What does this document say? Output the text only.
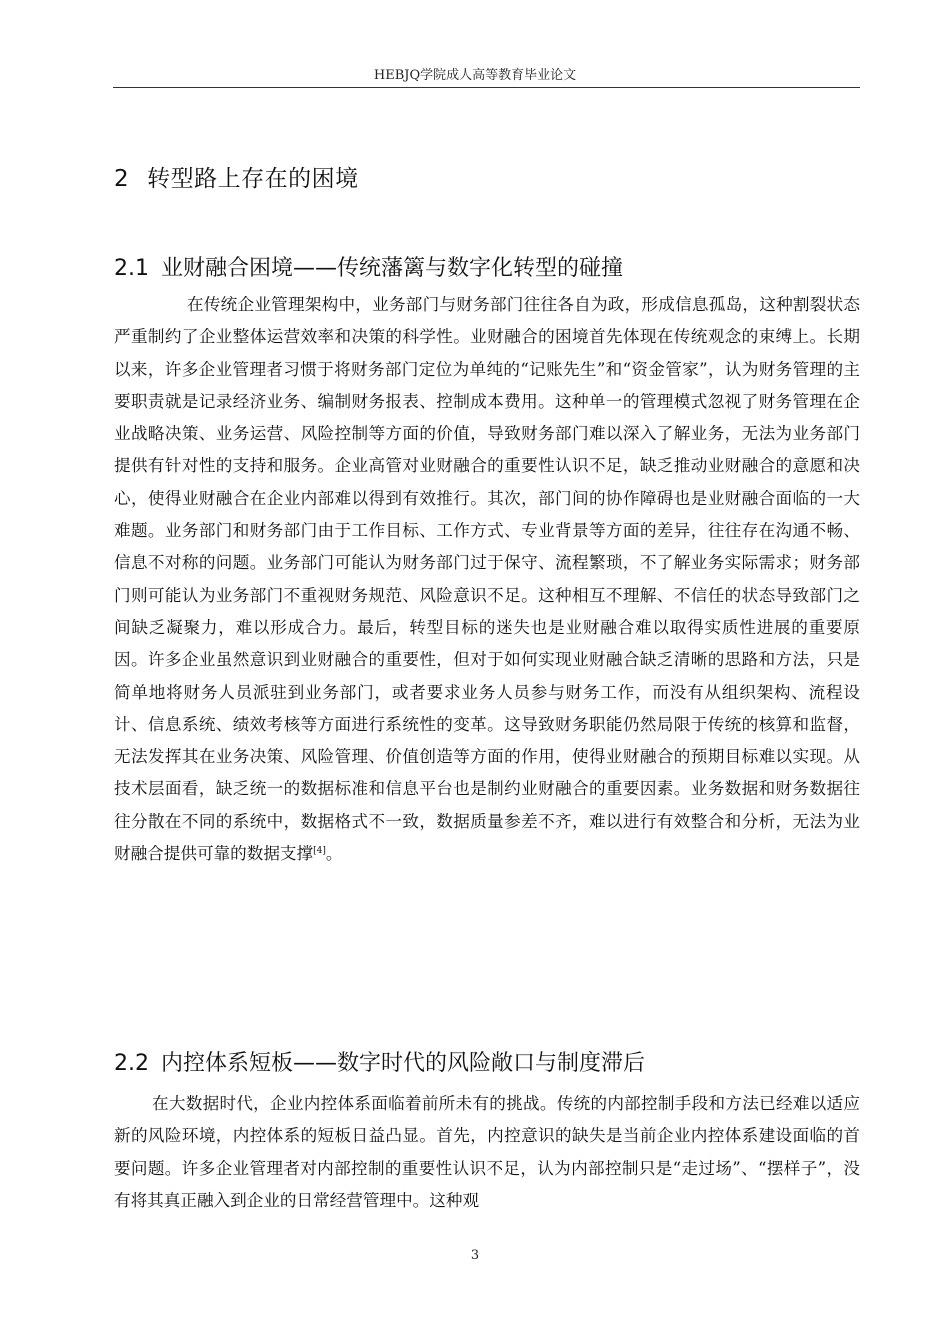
HEBJQ学院成人高等教育毕业论文
2 转型路上存在的困境
2.1 业财融合困境——传统藩篱与数字化转型的碰撞

在传统企业管理架构中，业务部门与财务部门往往各自为政，形成信息孤岛，这种割裂状态严重制约了企业整体运营效率和决策的科学性。业财融合的困境首先体现在传统观念的束缚上。长期以来，许多企业管理者习惯于将财务部门定位为单纯的“记账先生”和“资金管家”，认为财务管理的主要职责就是记录经济业务、编制财务报表、控制成本费用。这种单一的管理模式忽视了财务管理在企业战略决策、业务运营、风险控制等方面的价值，导致财务部门难以深入了解业务，无法为业务部门提供有针对性的支持和服务。企业高管对业财融合的重要性认识不足，缺乏推动业财融合的意愿和决心，使得业财融合在企业内部难以得到有效推行。其次，部门间的协作障碍也是业财融合面临的一大难题。业务部门和财务部门由于工作目标、工作方式、专业背景等方面的差异，往往存在沟通不畅、信息不对称的问题。业务部门可能认为财务部门过于保守、流程繁琐，不了解业务实际需求；财务部门则可能认为业务部门不重视财务规范、风险意识不足。这种相互不理解、不信任的状态导致部门之间缺乏凝聚力，难以形成合力。最后，转型目标的迷失也是业财融合难以取得实质性进展的重要原因。许多企业虽然意识到业财融合的重要性，但对于如何实现业财融合缺乏清晰的思路和方法，只是简单地将财务人员派驻到业务部门，或者要求业务人员参与财务工作，而没有从组织架构、流程设计、信息系统、绩效考核等方面进行系统性的变革。这导致财务职能仍然局限于传统的核算和监督，无法发挥其在业务决策、风险管理、价值创造等方面的作用，使得业财融合的预期目标难以实现。从技术层面看，缺乏统一的数据标准和信息平台也是制约业财融合的重要因素。业务数据和财务数据往往分散在不同的系统中，数据格式不一致，数据质量参差不齐，难以进行有效整合和分析，无法为业财融合提供可靠的数据支撑[4]。

2.2 内控体系短板——数字时代的风险敞口与制度滞后

在大数据时代，企业内控体系面临着前所未有的挑战。传统的内部控制手段和方法已经难以适应新的风险环境，内控体系的短板日益凸显。首先，内控意识的缺失是当前企业内控体系建设面临的首要问题。许多企业管理者对内部控制的重要性认识不足，认为内部控制只是“走过场”、“摆样子”，没有将其真正融入到企业的日常经营管理中。这种观

3
